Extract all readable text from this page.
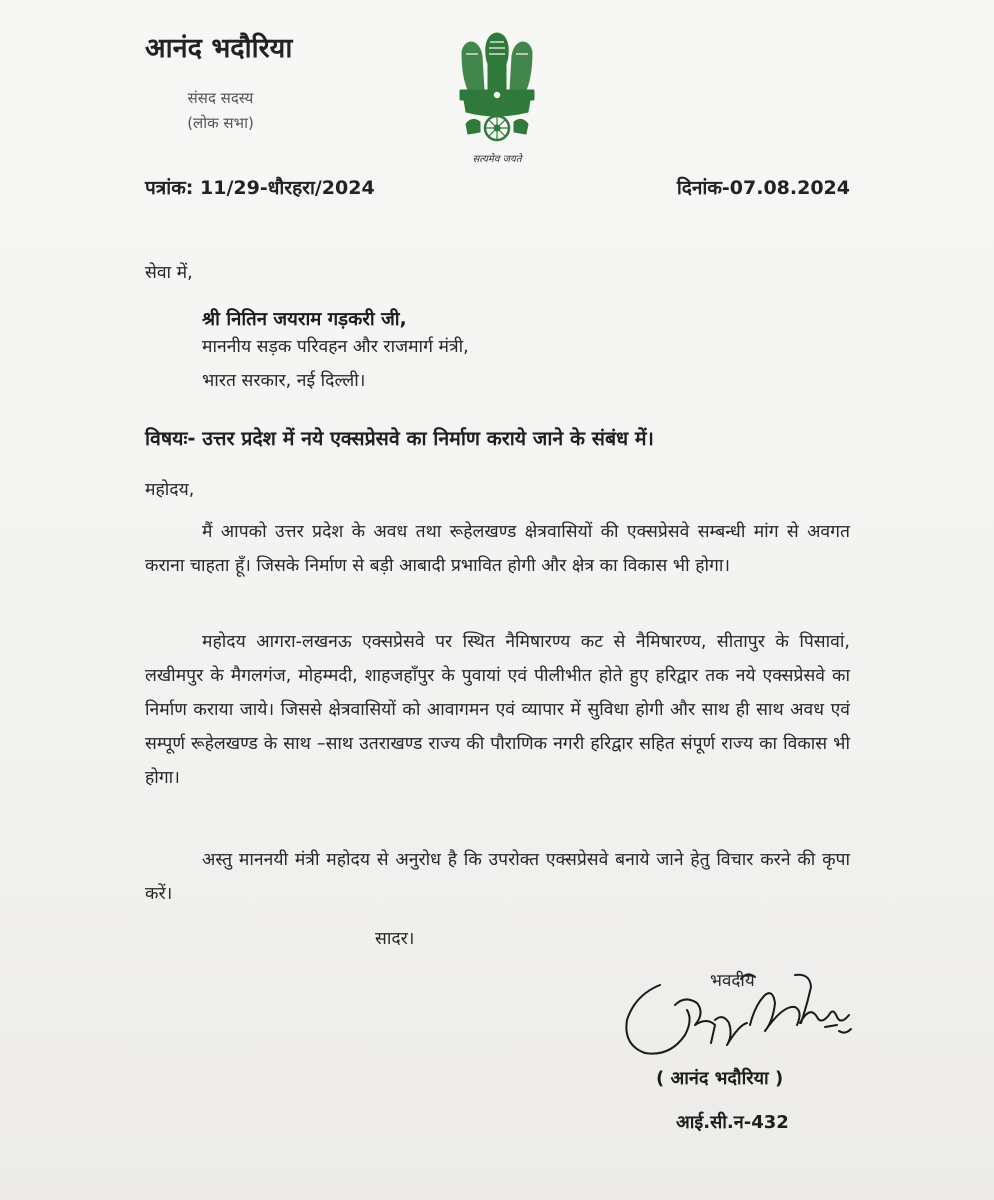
आनंद भदौरिया
संसद सदस्य
(लोक सभा)
सत्यमेव जयते
पत्रांक: 11/29-धौरहरा/2024	दिनांक-07.08.2024
सेवा में,
श्री नितिन जयराम गड़करी जी,
माननीय सड़क परिवहन और राजमार्ग मंत्री,
भारत सरकार, नई दिल्ली।
विषयः- उत्तर प्रदेश में नये एक्सप्रेसवे का निर्माण कराये जाने के संबंध में।
महोदय,
मैं आपको उत्तर प्रदेश के अवध तथा रूहेलखण्ड क्षेत्रवासियों की एक्सप्रेसवे सम्बन्धी मांग से अवगत कराना चाहता हूँ। जिसके निर्माण से बड़ी आबादी प्रभावित होगी और क्षेत्र का विकास भी होगा।
महोदय आगरा-लखनऊ एक्सप्रेसवे पर स्थित नैमिषारण्य कट से नैमिषारण्य, सीतापुर के पिसावां, लखीमपुर के मैगलगंज, मोहम्मदी, शाहजहाँपुर के पुवायां एवं पीलीभीत होते हुए हरिद्वार तक नये एक्सप्रेसवे का निर्माण कराया जाये। जिससे क्षेत्रवासियों को आवागमन एवं व्यापार में सुविधा होगी और साथ ही साथ अवध एवं सम्पूर्ण रूहेलखण्ड के साथ –साथ उतराखण्ड राज्य की पौराणिक नगरी हरिद्वार सहित संपूर्ण राज्य का विकास भी होगा।
अस्तु माननयी मंत्री महोदय से अनुरोध है कि उपरोक्त एक्सप्रेसवे बनाये जाने हेतु विचार करने की कृपा करें।
सादर।
भवदीय
( आनंद भदौरिया )
आई.सी.न-432
